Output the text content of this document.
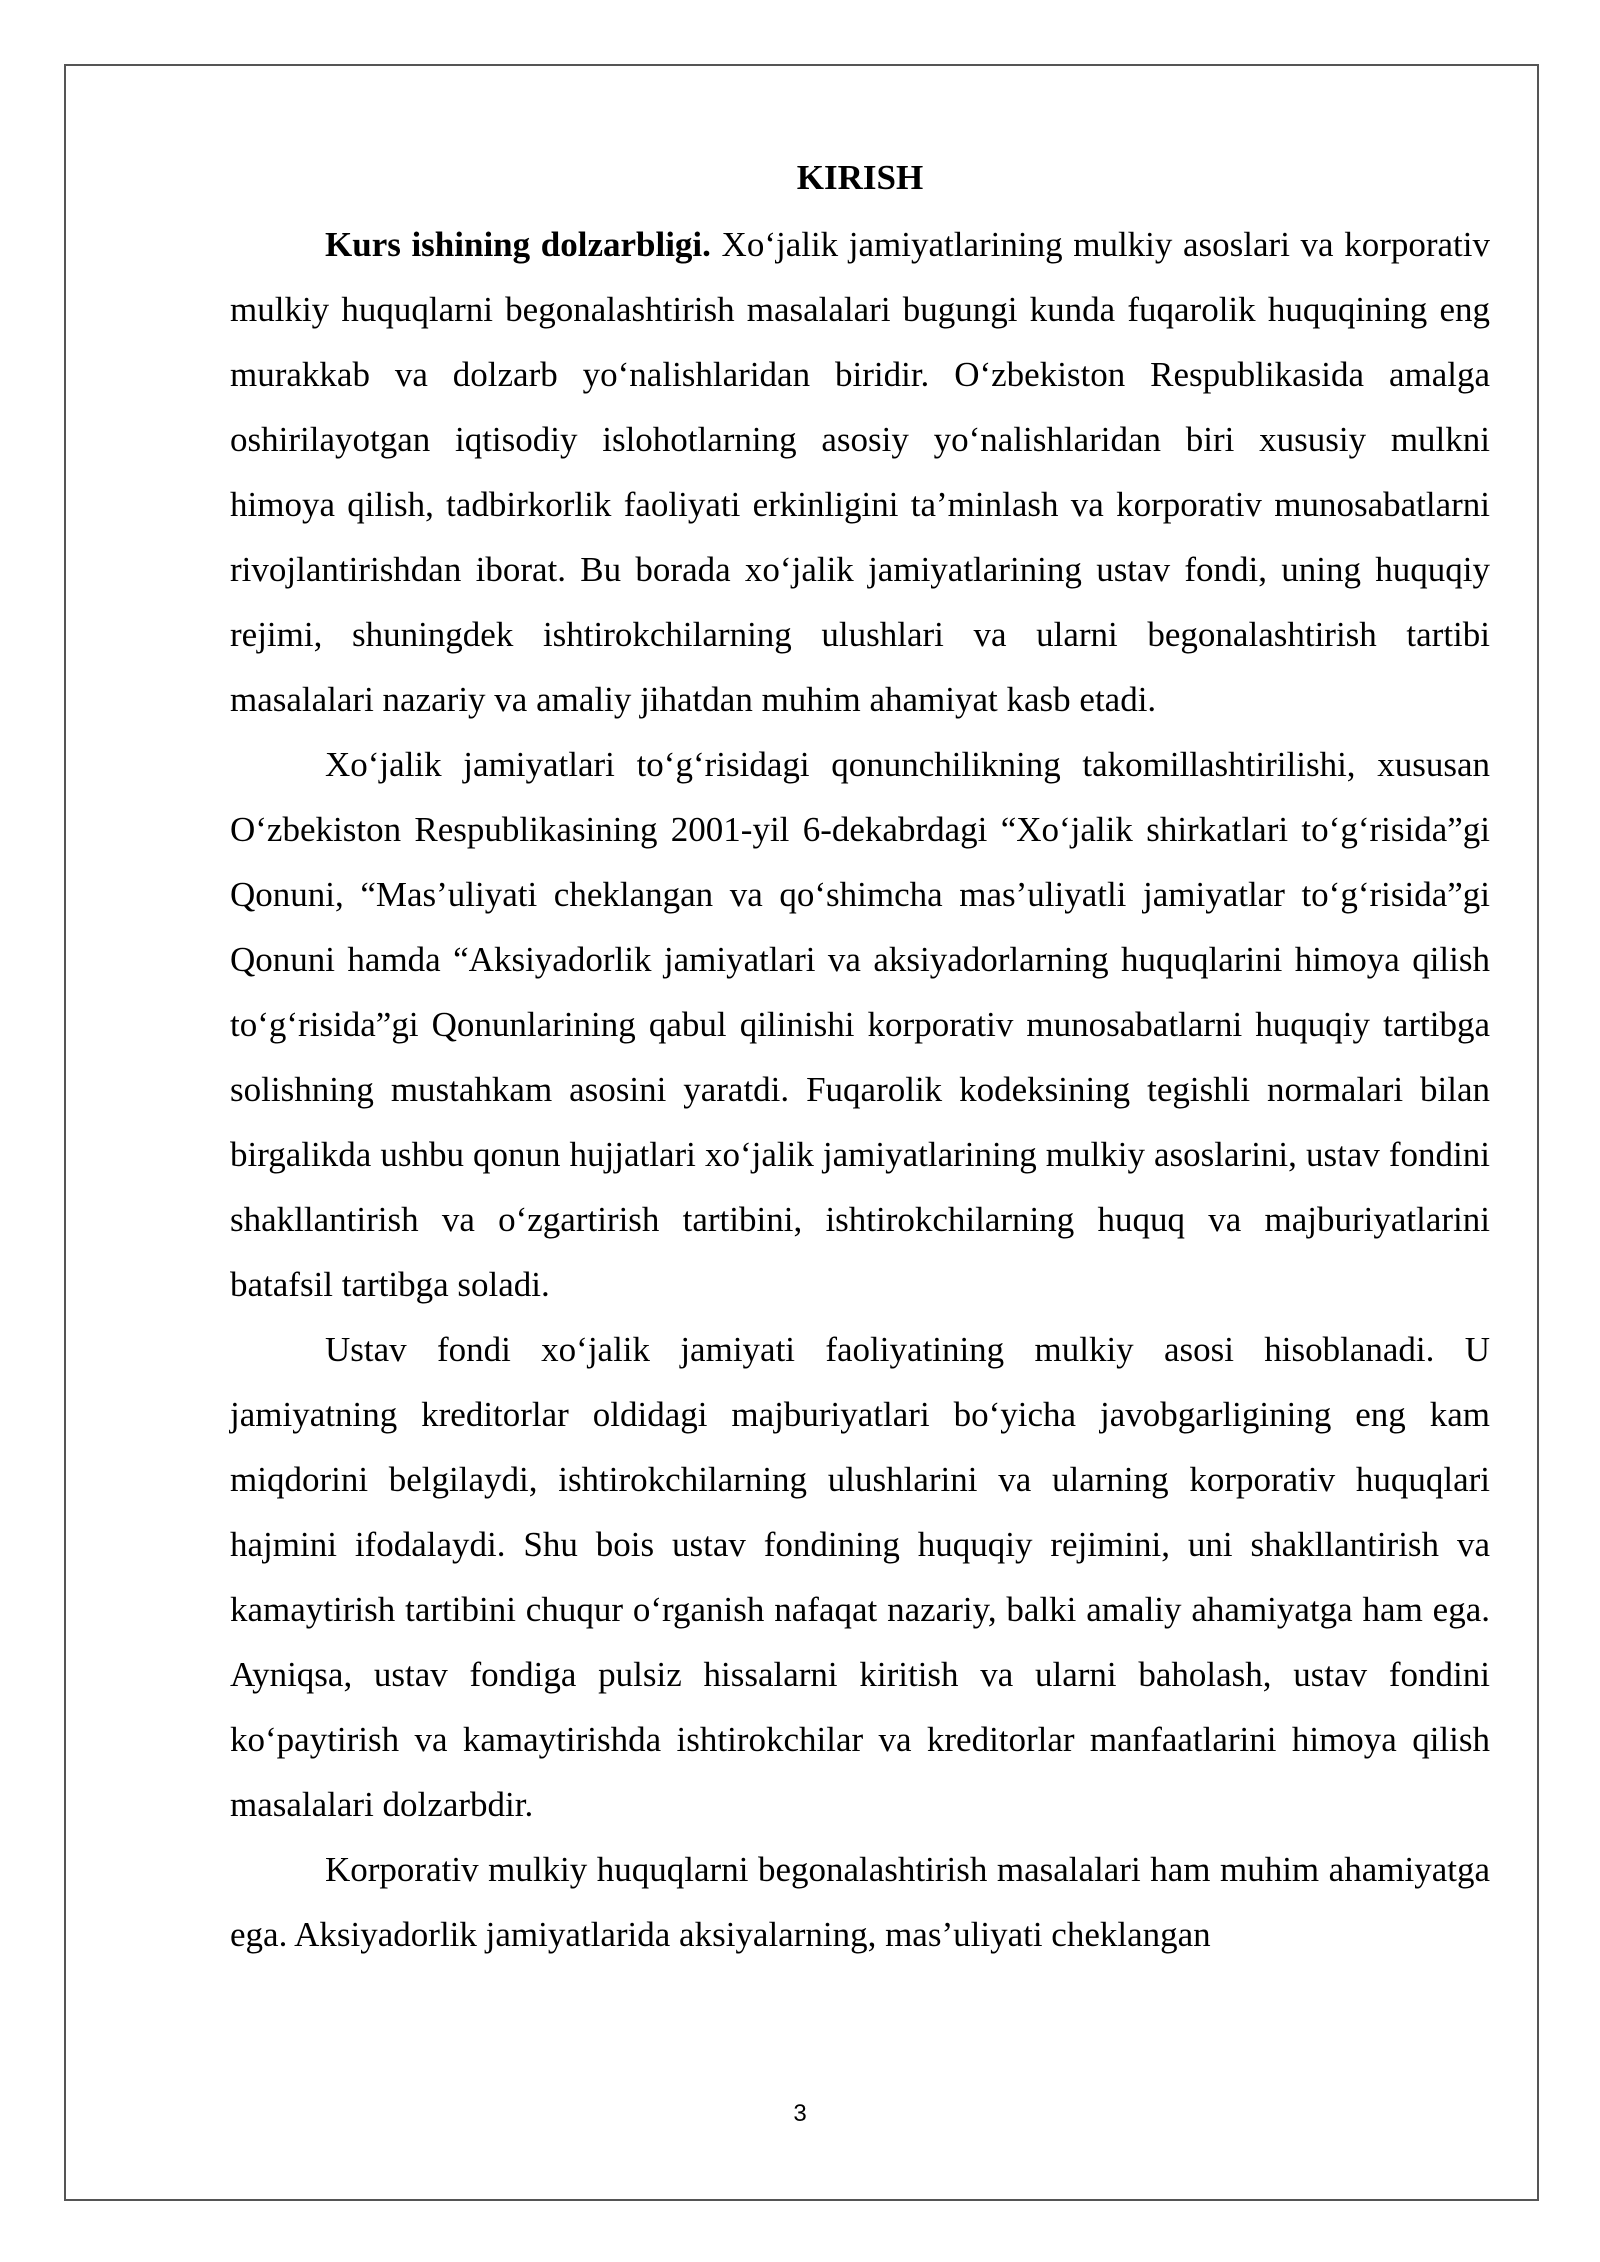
KIRISH

Kurs ishining dolzarbligi. Xo‘jalik jamiyatlarining mulkiy asoslari va korporativ mulkiy huquqlarni begonalashtirish masalalari bugungi kunda fuqarolik huquqining eng murakkab va dolzarb yo‘nalishlaridan biridir. O‘zbekiston Respublikasida amalga oshirilayotgan iqtisodiy islohotlarning asosiy yo‘nalishlaridan biri xususiy mulkni himoya qilish, tadbirkorlik faoliyati erkinligini ta’minlash va korporativ munosabatlarni rivojlantirishdan iborat. Bu borada xo‘jalik jamiyatlarining ustav fondi, uning huquqiy rejimi, shuningdek ishtirokchilarning ulushlari va ularni begonalashtirish tartibi masalalari nazariy va amaliy jihatdan muhim ahamiyat kasb etadi.

Xo‘jalik jamiyatlari to‘g‘risidagi qonunchilikning takomillashtirilishi, xususan O‘zbekiston Respublikasining 2001-yil 6-dekabrdagi “Xo‘jalik shirkatlari to‘g‘risida”gi Qonuni, “Mas’uliyati cheklangan va qo‘shimcha mas’uliyatli jamiyatlar to‘g‘risida”gi Qonuni hamda “Aksiyadorlik jamiyatlari va aksiyadorlarning huquqlarini himoya qilish to‘g‘risida”gi Qonunlarining qabul qilinishi korporativ munosabatlarni huquqiy tartibga solishning mustahkam asosini yaratdi. Fuqarolik kodeksining tegishli normalari bilan birgalikda ushbu qonun hujjatlari xo‘jalik jamiyatlarining mulkiy asoslarini, ustav fondini shakllantirish va o‘zgartirish tartibini, ishtirokchilarning huquq va majburiyatlarini batafsil tartibga soladi.

Ustav fondi xo‘jalik jamiyati faoliyatining mulkiy asosi hisoblanadi. U jamiyatning kreditorlar oldidagi majburiyatlari bo‘yicha javobgarligining eng kam miqdorini belgilaydi, ishtirokchilarning ulushlarini va ularning korporativ huquqlari hajmini ifodalaydi. Shu bois ustav fondining huquqiy rejimini, uni shakllantirish va kamaytirish tartibini chuqur o‘rganish nafaqat nazariy, balki amaliy ahamiyatga ham ega. Ayniqsa, ustav fondiga pulsiz hissalarni kiritish va ularni baholash, ustav fondini ko‘paytirish va kamaytirishda ishtirokchilar va kreditorlar manfaatlarini himoya qilish masalalari dolzarbdir.

Korporativ mulkiy huquqlarni begonalashtirish masalalari ham muhim ahamiyatga ega. Aksiyadorlik jamiyatlarida aksiyalarning, mas’uliyati cheklangan

3
